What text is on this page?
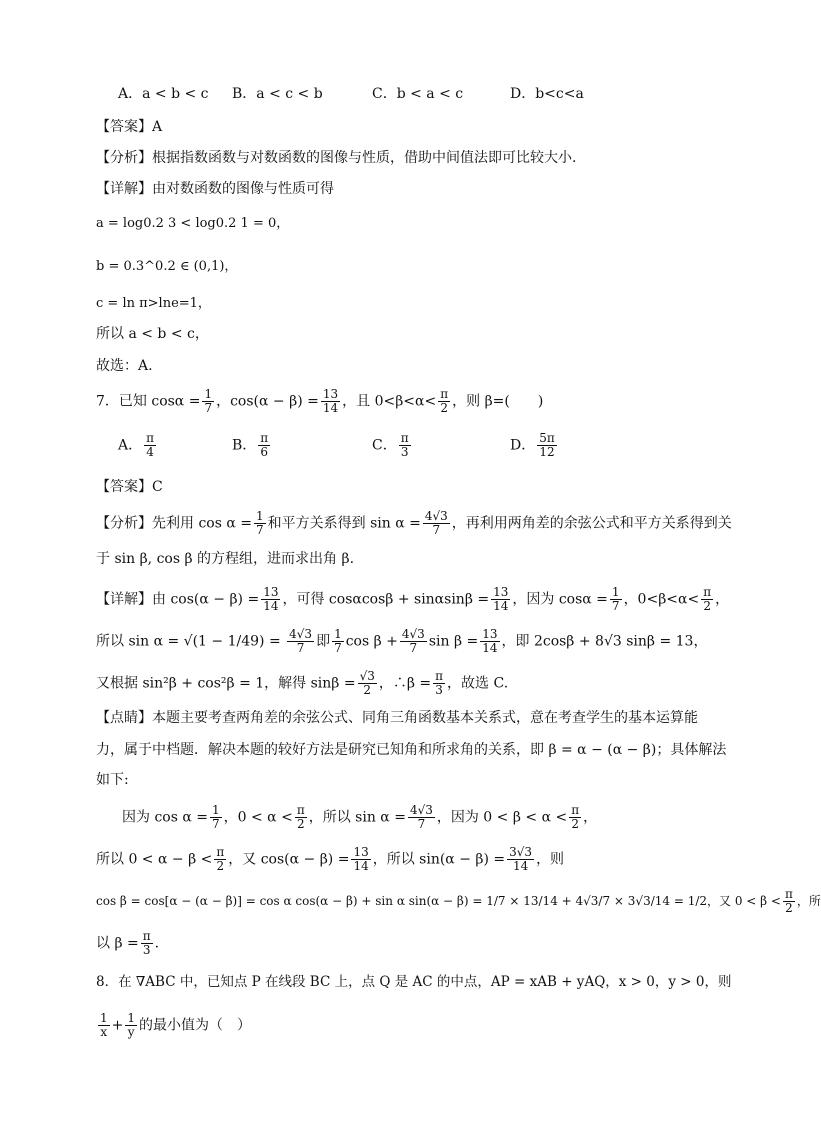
A．a < b < c B．a < c < b	C．b < a < c	D．b<c<a
【答案】A
【分析】根据指数函数与对数函数的图像与性质，借助中间值法即可比较大小.
【详解】由对数函数的图像与性质可得
a = log0.2 3 < log0.2 1 = 0，
b = 0.3^0.2 ∈ (0,1)，
c = ln π>lne=1，
所以 a < b < c，
故选：A.
7．已知 $\cos\alpha = \frac{1}{7}$ ，$\cos(\alpha - \beta) = \frac{13}{14}$ ，且 $0<\beta<\alpha< \frac{\pi}{2}$ ，则 β=(　　)
A． $\frac{\pi}{4}$	B． $\frac{\pi}{6}$	C． $\frac{\pi}{3}$	D． $\frac{5\pi}{12}$
【答案】C
【分析】先利用 $\cos \alpha = \frac{1}{7}$ 和平方关系得到 $\sin \alpha = \frac{4√3}{7}$ ，再利用两角差的余弦公式和平方关系得到关
于 sin β, cos β 的方程组，进而求出角 β.
【详解】由 $\cos(\alpha - \beta) = \frac{13}{14}$ ，可得 $\cos\alpha\cos\beta + \sin\alpha\sin\beta = \frac{13}{14}$ ，因为 $\cos\alpha = \frac{1}{7}$ ，$0<\beta<\alpha< \frac{\pi}{2}$ ，
所以 $\sin \alpha = √(1 - 1/49) = \frac{4√3}{7}$ 即 $\frac{1}{7}$ $\cos \beta + \frac{4√3}{7}$ $\sin \beta = \frac{13}{14}$ ，即 2cosβ + 8√3 sinβ = 13，
又根据 sin²β + cos²β = 1，解得 $\sin\beta = \frac{√3}{2}$ ，∴β = $\frac{\pi}{3}$ ，故选 C.
【点睛】本题主要考查两角差的余弦公式、同角三角函数基本关系式，意在考查学生的基本运算能
力，属于中档题．解决本题的较好方法是研究已知角和所求角的关系，即 β = α − (α − β)；具体解法
如下:
因为 $\cos \alpha = \frac{1}{7}$ ，$0 < \alpha < \frac{\pi}{2}$ ，所以 $\sin \alpha = \frac{4√3}{7}$ ，因为 $0 < \beta < \alpha < \frac{\pi}{2}$ ，
所以 $0 < \alpha - \beta < \frac{\pi}{2}$ ，又 $\cos(\alpha - \beta) = \frac{13}{14}$ ，所以 $\sin(\alpha - \beta) = \frac{3√3}{14}$ ，则
cos β = cos[α − (α − β)] = cos α cos(α − β) + sin α sin(α − β) = 1/7 × 13/14 + 4√3/7 × 3√3/14 = 1/2，又 $0 < \beta < \frac{\pi}{2}$ ，所
以 $\beta = \frac{\pi}{3}$ .
8．在 ∇ABC 中，已知点 P 在线段 BC 上，点 Q 是 AC 的中点，AP = xAB + yAQ，x > 0，y > 0，则
$\frac{1}{x} + \frac{1}{y}$ 的最小值为（　）
